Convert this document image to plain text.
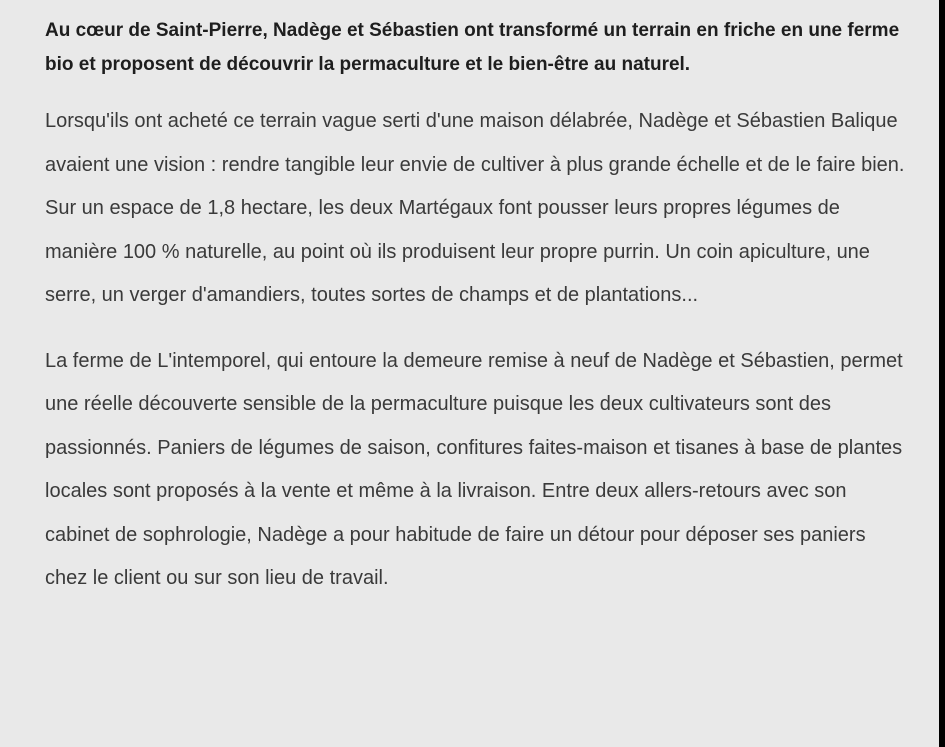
Au cœur de Saint-Pierre, Nadège et Sébastien ont transformé un terrain en friche en une ferme bio et proposent de découvrir la permaculture et le bien-être au naturel.

Lorsqu'ils ont acheté ce terrain vague serti d'une maison délabrée, Nadège et Sébastien Balique avaient une vision : rendre tangible leur envie de cultiver à plus grande échelle et de le faire bien. Sur un espace de 1,8 hectare, les deux Martégaux font pousser leurs propres légumes de manière 100 % naturelle, au point où ils produisent leur propre purrin. Un coin apiculture, une serre, un verger d'amandiers, toutes sortes de champs et de plantations...

La ferme de L'intemporel, qui entoure la demeure remise à neuf de Nadège et Sébastien, permet une réelle découverte sensible de la permaculture puisque les deux cultivateurs sont des passionnés. Paniers de légumes de saison, confitures faites-maison et tisanes à base de plantes locales sont proposés à la vente et même à la livraison. Entre deux allers-retours avec son cabinet de sophrologie, Nadège a pour habitude de faire un détour pour déposer ses paniers chez le client ou sur son lieu de travail.
